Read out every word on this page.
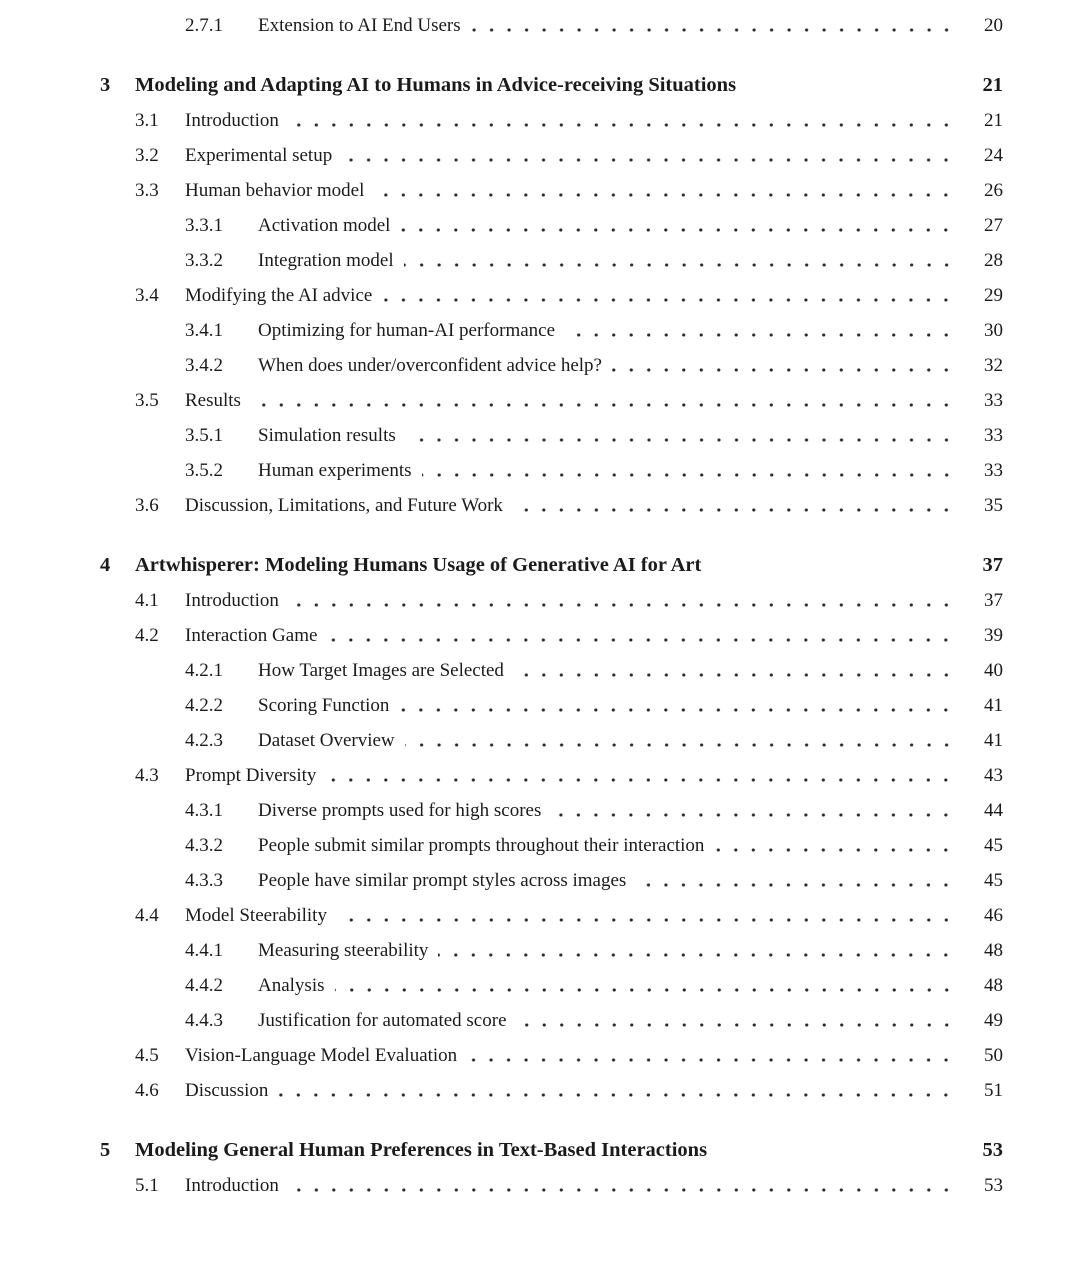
2.7.1	Extension to AI End Users	20
3	Modeling and Adapting AI to Humans in Advice-receiving Situations	21
3.1	Introduction	21
3.2	Experimental setup	24
3.3	Human behavior model	26
3.3.1	Activation model	27
3.3.2	Integration model	28
3.4	Modifying the AI advice	29
3.4.1	Optimizing for human-AI performance	30
3.4.2	When does under/overconfident advice help?	32
3.5	Results	33
3.5.1	Simulation results	33
3.5.2	Human experiments	33
3.6	Discussion, Limitations, and Future Work	35
4	Artwhisperer: Modeling Humans Usage of Generative AI for Art	37
4.1	Introduction	37
4.2	Interaction Game	39
4.2.1	How Target Images are Selected	40
4.2.2	Scoring Function	41
4.2.3	Dataset Overview	41
4.3	Prompt Diversity	43
4.3.1	Diverse prompts used for high scores	44
4.3.2	People submit similar prompts throughout their interaction	45
4.3.3	People have similar prompt styles across images	45
4.4	Model Steerability	46
4.4.1	Measuring steerability	48
4.4.2	Analysis	48
4.4.3	Justification for automated score	49
4.5	Vision-Language Model Evaluation	50
4.6	Discussion	51
5	Modeling General Human Preferences in Text-Based Interactions	53
5.1	Introduction	53
